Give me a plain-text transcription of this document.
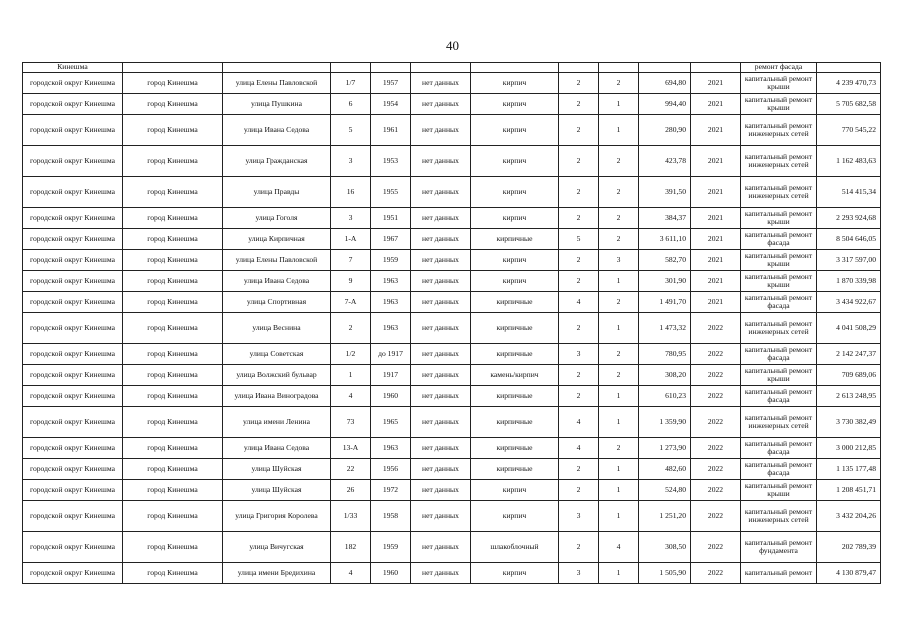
40
Кинешма											ремонт фасада	
городской округ Кинешма	город Кинешма	улица Елены Павловской	1/7	1957	нет данных	кирпич	2	2	694,80	2021	капитальный ремонт крыши	4 239 470,73
городской округ Кинешма	город Кинешма	улица Пушкина	6	1954	нет данных	кирпич	2	1	994,40	2021	капитальный ремонт крыши	5 705 682,58
городской округ Кинешма	город Кинешма	улица Ивана Седова	5	1961	нет данных	кирпич	2	1	280,90	2021	капитальный ремонт инженерных сетей	770 545,22
городской округ Кинешма	город Кинешма	улица Гражданская	3	1953	нет данных	кирпич	2	2	423,78	2021	капитальный ремонт инженерных сетей	1 162 483,63
городской округ Кинешма	город Кинешма	улица Правды	16	1955	нет данных	кирпич	2	2	391,50	2021	капитальный ремонт инженерных сетей	514 415,34
городской округ Кинешма	город Кинешма	улица Гоголя	3	1951	нет данных	кирпич	2	2	384,37	2021	капитальный ремонт крыши	2 293 924,68
городской округ Кинешма	город Кинешма	улица Кирпичная	1-А	1967	нет данных	кирпичные	5	2	3 611,10	2021	капитальный ремонт фасада	8 504 646,05
городской округ Кинешма	город Кинешма	улица Елены Павловской	7	1959	нет данных	кирпич	2	3	582,70	2021	капитальный ремонт крыши	3 317 597,00
городской округ Кинешма	город Кинешма	улица Ивана Седова	9	1963	нет данных	кирпич	2	1	301,90	2021	капитальный ремонт крыши	1 870 339,98
городской округ Кинешма	город Кинешма	улица Спортивная	7-А	1963	нет данных	кирпичные	4	2	1 491,70	2021	капитальный ремонт фасада	3 434 922,67
городской округ Кинешма	город Кинешма	улица Веснина	2	1963	нет данных	кирпичные	2	1	1 473,32	2022	капитальный ремонт инженерных сетей	4 041 508,29
городской округ Кинешма	город Кинешма	улица Советская	1/2	до 1917	нет данных	кирпичные	3	2	780,95	2022	капитальный ремонт фасада	2 142 247,37
городской округ Кинешма	город Кинешма	улица Волжский бульвар	1	1917	нет данных	камень/кирпич	2	2	308,20	2022	капитальный ремонт крыши	709 689,06
городской округ Кинешма	город Кинешма	улица Ивана Виноградова	4	1960	нет данных	кирпичные	2	1	610,23	2022	капитальный ремонт фасада	2 613 248,95
городской округ Кинешма	город Кинешма	улица имени Ленина	73	1965	нет данных	кирпичные	4	1	1 359,90	2022	капитальный ремонт инженерных сетей	3 730 382,49
городской округ Кинешма	город Кинешма	улица Ивана Седова	13-А	1963	нет данных	кирпичные	4	2	1 273,90	2022	капитальный ремонт фасада	3 000 212,85
городской округ Кинешма	город Кинешма	улица Шуйская	22	1956	нет данных	кирпичные	2	1	482,60	2022	капитальный ремонт фасада	1 135 177,48
городской округ Кинешма	город Кинешма	улица Шуйская	26	1972	нет данных	кирпич	2	1	524,80	2022	капитальный ремонт крыши	1 208 451,71
городской округ Кинешма	город Кинешма	улица Григория Королева	1/33	1958	нет данных	кирпич	3	1	1 251,20	2022	капитальный ремонт инженерных сетей	3 432 204,26
городской округ Кинешма	город Кинешма	улица Вичугская	182	1959	нет данных	шлакоблочный	2	4	308,50	2022	капитальный ремонт фундамента	202 789,39
городской округ Кинешма	город Кинешма	улица имени Бредихина	4	1960	нет данных	кирпич	3	1	1 505,90	2022	капитальный ремонт	4 130 879,47
